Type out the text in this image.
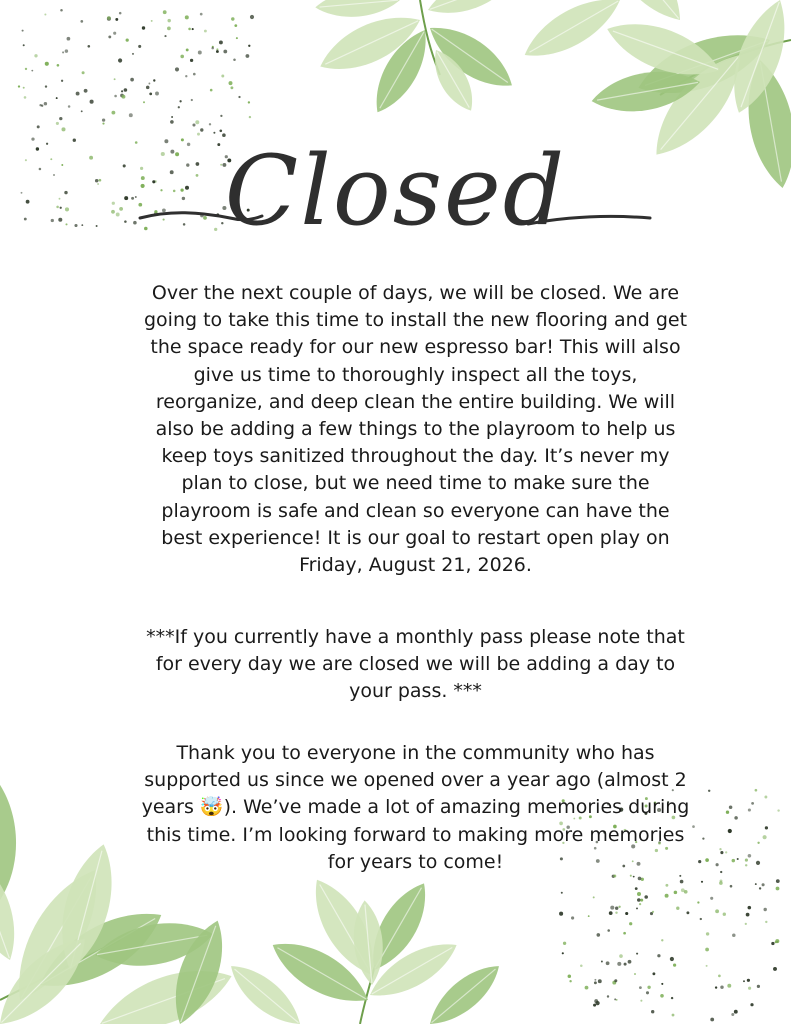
Closed

Over the next couple of days, we will be closed. We are going to take this time to install the new flooring and get the space ready for our new espresso bar! This will also give us time to thoroughly inspect all the toys, reorganize, and deep clean the entire building. We will also be adding a few things to the playroom to help us keep toys sanitized throughout the day. It’s never my plan to close, but we need time to make sure the playroom is safe and clean so everyone can have the best experience! It is our goal to restart open play on Friday, August 21, 2026.

***If you currently have a monthly pass please note that for every day we are closed we will be adding a day to your pass. ***

Thank you to everyone in the community who has supported us since we opened over a year ago (almost 2 years 🤯). We’ve made a lot of amazing memories during this time. I’m looking forward to making more memories for years to come!
